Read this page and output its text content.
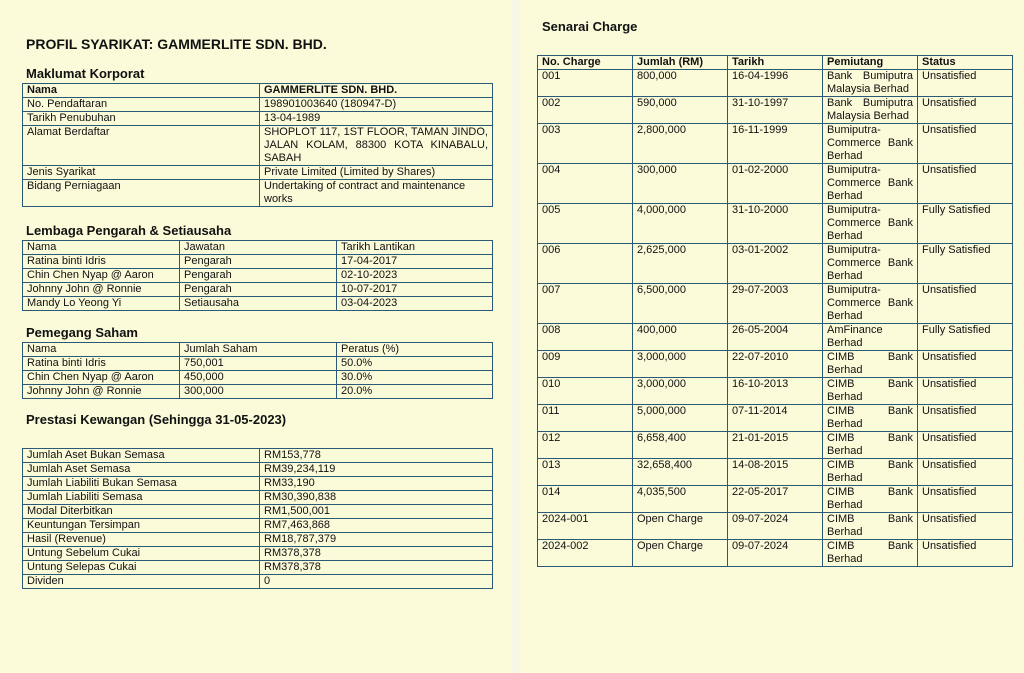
PROFIL SYARIKAT: GAMMERLITE SDN. BHD.
Maklumat Korporat
Nama	GAMMERLITE SDN. BHD.
No. Pendaftaran	198901003640 (180947-D)
Tarikh Penubuhan	13-04-1989
Alamat Berdaftar	SHOPLOT 117, 1ST FLOOR, TAMAN JINDO, JALAN KOLAM, 88300 KOTA KINABALU, SABAH
Jenis Syarikat	Private Limited (Limited by Shares)
Bidang Perniagaan	Undertaking of contract and maintenance works
Lembaga Pengarah & Setiausaha
Nama	Jawatan	Tarikh Lantikan
Ratina binti Idris	Pengarah	17-04-2017
Chin Chen Nyap @ Aaron	Pengarah	02-10-2023
Johnny John @ Ronnie	Pengarah	10-07-2017
Mandy Lo Yeong Yi	Setiausaha	03-04-2023
Pemegang Saham
Nama	Jumlah Saham	Peratus (%)
Ratina binti Idris	750,001	50.0%
Chin Chen Nyap @ Aaron	450,000	30.0%
Johnny John @ Ronnie	300,000	20.0%
Prestasi Kewangan (Sehingga 31-05-2023)
Jumlah Aset Bukan Semasa	RM153,778
Jumlah Aset Semasa	RM39,234,119
Jumlah Liabiliti Bukan Semasa	RM33,190
Jumlah Liabiliti Semasa	RM30,390,838
Modal Diterbitkan	RM1,500,001
Keuntungan Tersimpan	RM7,463,868
Hasil (Revenue)	RM18,787,379
Untung Sebelum Cukai	RM378,378
Untung Selepas Cukai	RM378,378
Dividen	0
Senarai Charge
No. Charge	Jumlah (RM)	Tarikh	Pemiutang	Status
001	800,000	16-04-1996	Bank Bumiputra Malaysia Berhad	Unsatisfied
002	590,000	31-10-1997	Bank Bumiputra Malaysia Berhad	Unsatisfied
003	2,800,000	16-11-1999	Bumiputra-Commerce Bank Berhad	Unsatisfied
004	300,000	01-02-2000	Bumiputra-Commerce Bank Berhad	Unsatisfied
005	4,000,000	31-10-2000	Bumiputra-Commerce Bank Berhad	Fully Satisfied
006	2,625,000	03-01-2002	Bumiputra-Commerce Bank Berhad	Fully Satisfied
007	6,500,000	29-07-2003	Bumiputra-Commerce Bank Berhad	Unsatisfied
008	400,000	26-05-2004	AmFinance Berhad	Fully Satisfied
009	3,000,000	22-07-2010	CIMB Bank Berhad	Unsatisfied
010	3,000,000	16-10-2013	CIMB Bank Berhad	Unsatisfied
011	5,000,000	07-11-2014	CIMB Bank Berhad	Unsatisfied
012	6,658,400	21-01-2015	CIMB Bank Berhad	Unsatisfied
013	32,658,400	14-08-2015	CIMB Bank Berhad	Unsatisfied
014	4,035,500	22-05-2017	CIMB Bank Berhad	Unsatisfied
2024-001	Open Charge	09-07-2024	CIMB Bank Berhad	Unsatisfied
2024-002	Open Charge	09-07-2024	CIMB Bank Berhad	Unsatisfied
